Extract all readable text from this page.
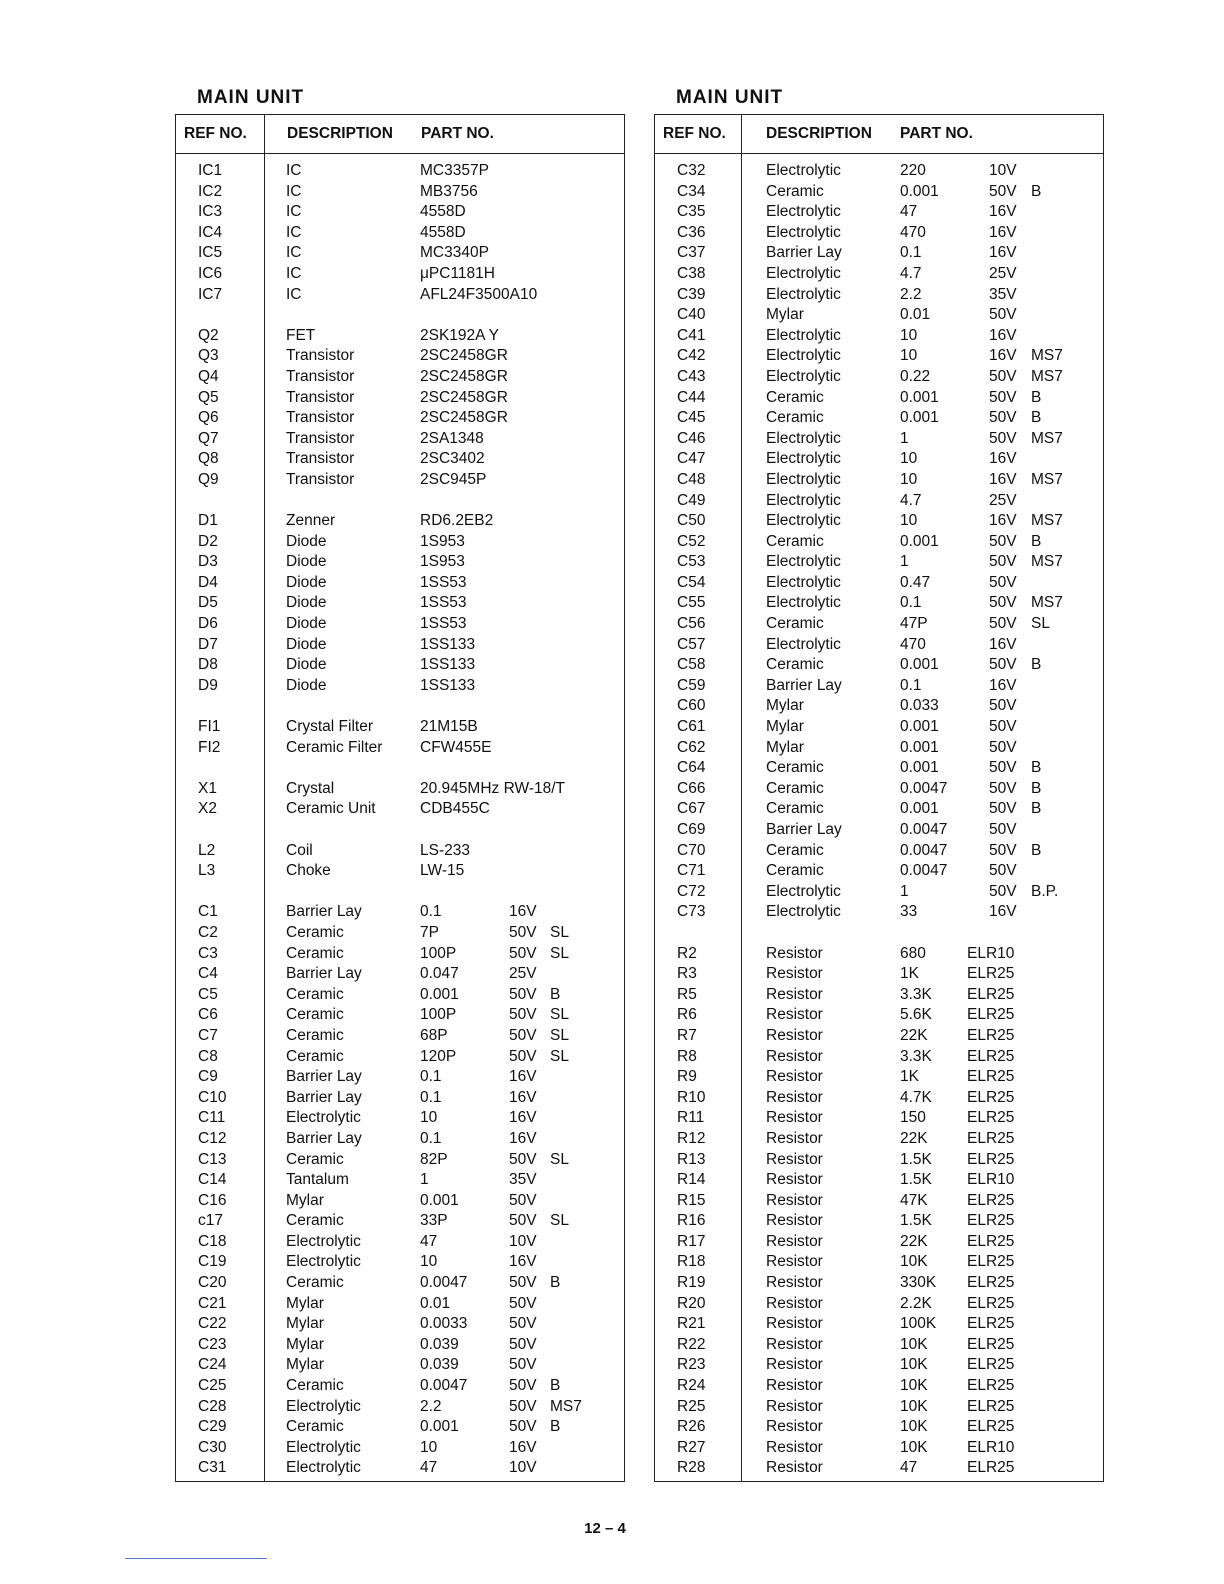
MAIN UNIT
REF NO.	DESCRIPTION PART NO.
IC1	IC	MC3357P
IC2	IC	MB3756
IC3	IC	4558D
IC4	IC	4558D
IC5	IC	MC3340P
IC6	IC	μPC1181H
IC7	IC	AFL24F3500A10
Q2	FET	2SK192A Y
Q3	Transistor	2SC2458GR
Q4	Transistor	2SC2458GR
Q5	Transistor	2SC2458GR
Q6	Transistor	2SC2458GR
Q7	Transistor	2SA1348
Q8	Transistor	2SC3402
Q9	Transistor	2SC945P
D1	Zenner	RD6.2EB2
D2	Diode	1S953
D3	Diode	1S953
D4	Diode	1SS53
D5	Diode	1SS53
D6	Diode	1SS53
D7	Diode	1SS133
D8	Diode	1SS133
D9	Diode	1SS133
FI1	Crystal Filter	21M15B
FI2	Ceramic Filter CFW455E
X1	Crystal	20.945MHz RW-18/T
X2	Ceramic Unit	CDB455C
L2	Coil	LS-233
L3	Choke	LW-15
C1	Barrier Lay	0.1	16V
C2	Ceramic	7P	50V SL
C3	Ceramic	100P	50V SL
C4	Barrier Lay	0.047	25V
C5	Ceramic	0.001	50V B
C6	Ceramic	100P	50V SL
C7	Ceramic	68P	50V SL
C8	Ceramic	120P	50V SL
C9	Barrier Lay	0.1	16V
C10	Barrier Lay	0.1	16V
C11	Electrolytic	10	16V
C12	Barrier Lay	0.1	16V
C13	Ceramic	82P	50V SL
C14	Tantalum	1	35V
C16	Mylar	0.001	50V
c17	Ceramic	33P	50V SL
C18	Electrolytic	47	10V
C19	Electrolytic	10	16V
C20	Ceramic	0.0047	50V B
C21	Mylar	0.01	50V
C22	Mylar	0.0033	50V
C23	Mylar	0.039	50V
C24	Mylar	0.039	50V
C25	Ceramic	0.0047	50V B
C28	Electrolytic	2.2	50V MS7
C29	Ceramic	0.001	50V B
C30	Electrolytic	10	16V
C31	Electrolytic	47	10V
MAIN UNIT
REF NO.	DESCRIPTION PART NO.
C32	Electrolytic	220	10V
C34	Ceramic	0.001	50V B
C35	Electrolytic	47	16V
C36	Electrolytic	470	16V
C37	Barrier Lay	0.1	16V
C38	Electrolytic	4.7	25V
C39	Electrolytic	2.2	35V
C40	Mylar	0.01	50V
C41	Electrolytic	10	16V
C42	Electrolytic	10	16V MS7
C43	Electrolytic	0.22	50V MS7
C44	Ceramic	0.001	50V B
C45	Ceramic	0.001	50V B
C46	Electrolytic	1	50V MS7
C47	Electrolytic	10	16V
C48	Electrolytic	10	16V MS7
C49	Electrolytic	4.7	25V
C50	Electrolytic	10	16V MS7
C52	Ceramic	0.001	50V B
C53	Electrolytic	1	50V MS7
C54	Electrolytic	0.47	50V
C55	Electrolytic	0.1	50V MS7
C56	Ceramic	47P	50V SL
C57	Electrolytic	470	16V
C58	Ceramic	0.001	50V B
C59	Barrier Lay	0.1	16V
C60	Mylar	0.033	50V
C61	Mylar	0.001	50V
C62	Mylar	0.001	50V
C64	Ceramic	0.001	50V B
C66	Ceramic	0.0047	50V B
C67	Ceramic	0.001	50V B
C69	Barrier Lay	0.0047	50V
C70	Ceramic	0.0047	50V B
C71	Ceramic	0.0047	50V
C72	Electrolytic	1	50V B.P.
C73	Electrolytic	33	16V
R2	Resistor	680	ELR10
R3	Resistor	1K	ELR25
R5	Resistor	3.3K ELR25
R6	Resistor	5.6K ELR25
R7	Resistor	22K	ELR25
R8	Resistor	3.3K ELR25
R9	Resistor	1K	ELR25
R10	Resistor	4.7K ELR25
R11	Resistor	150	ELR25
R12	Resistor	22K	ELR25
R13	Resistor	1.5K ELR25
R14	Resistor	1.5K ELR10
R15	Resistor	47K	ELR25
R16	Resistor	1.5K ELR25
R17	Resistor	22K	ELR25
R18	Resistor	10K	ELR25
R19	Resistor	330K ELR25
R20	Resistor	2.2K ELR25
R21	Resistor	100K ELR25
R22	Resistor	10K	ELR25
R23	Resistor	10K	ELR25
R24	Resistor	10K	ELR25
R25	Resistor	10K	ELR25
R26	Resistor	10K	ELR25
R27	Resistor	10K	ELR10
R28	Resistor	47	ELR25
12 – 4
